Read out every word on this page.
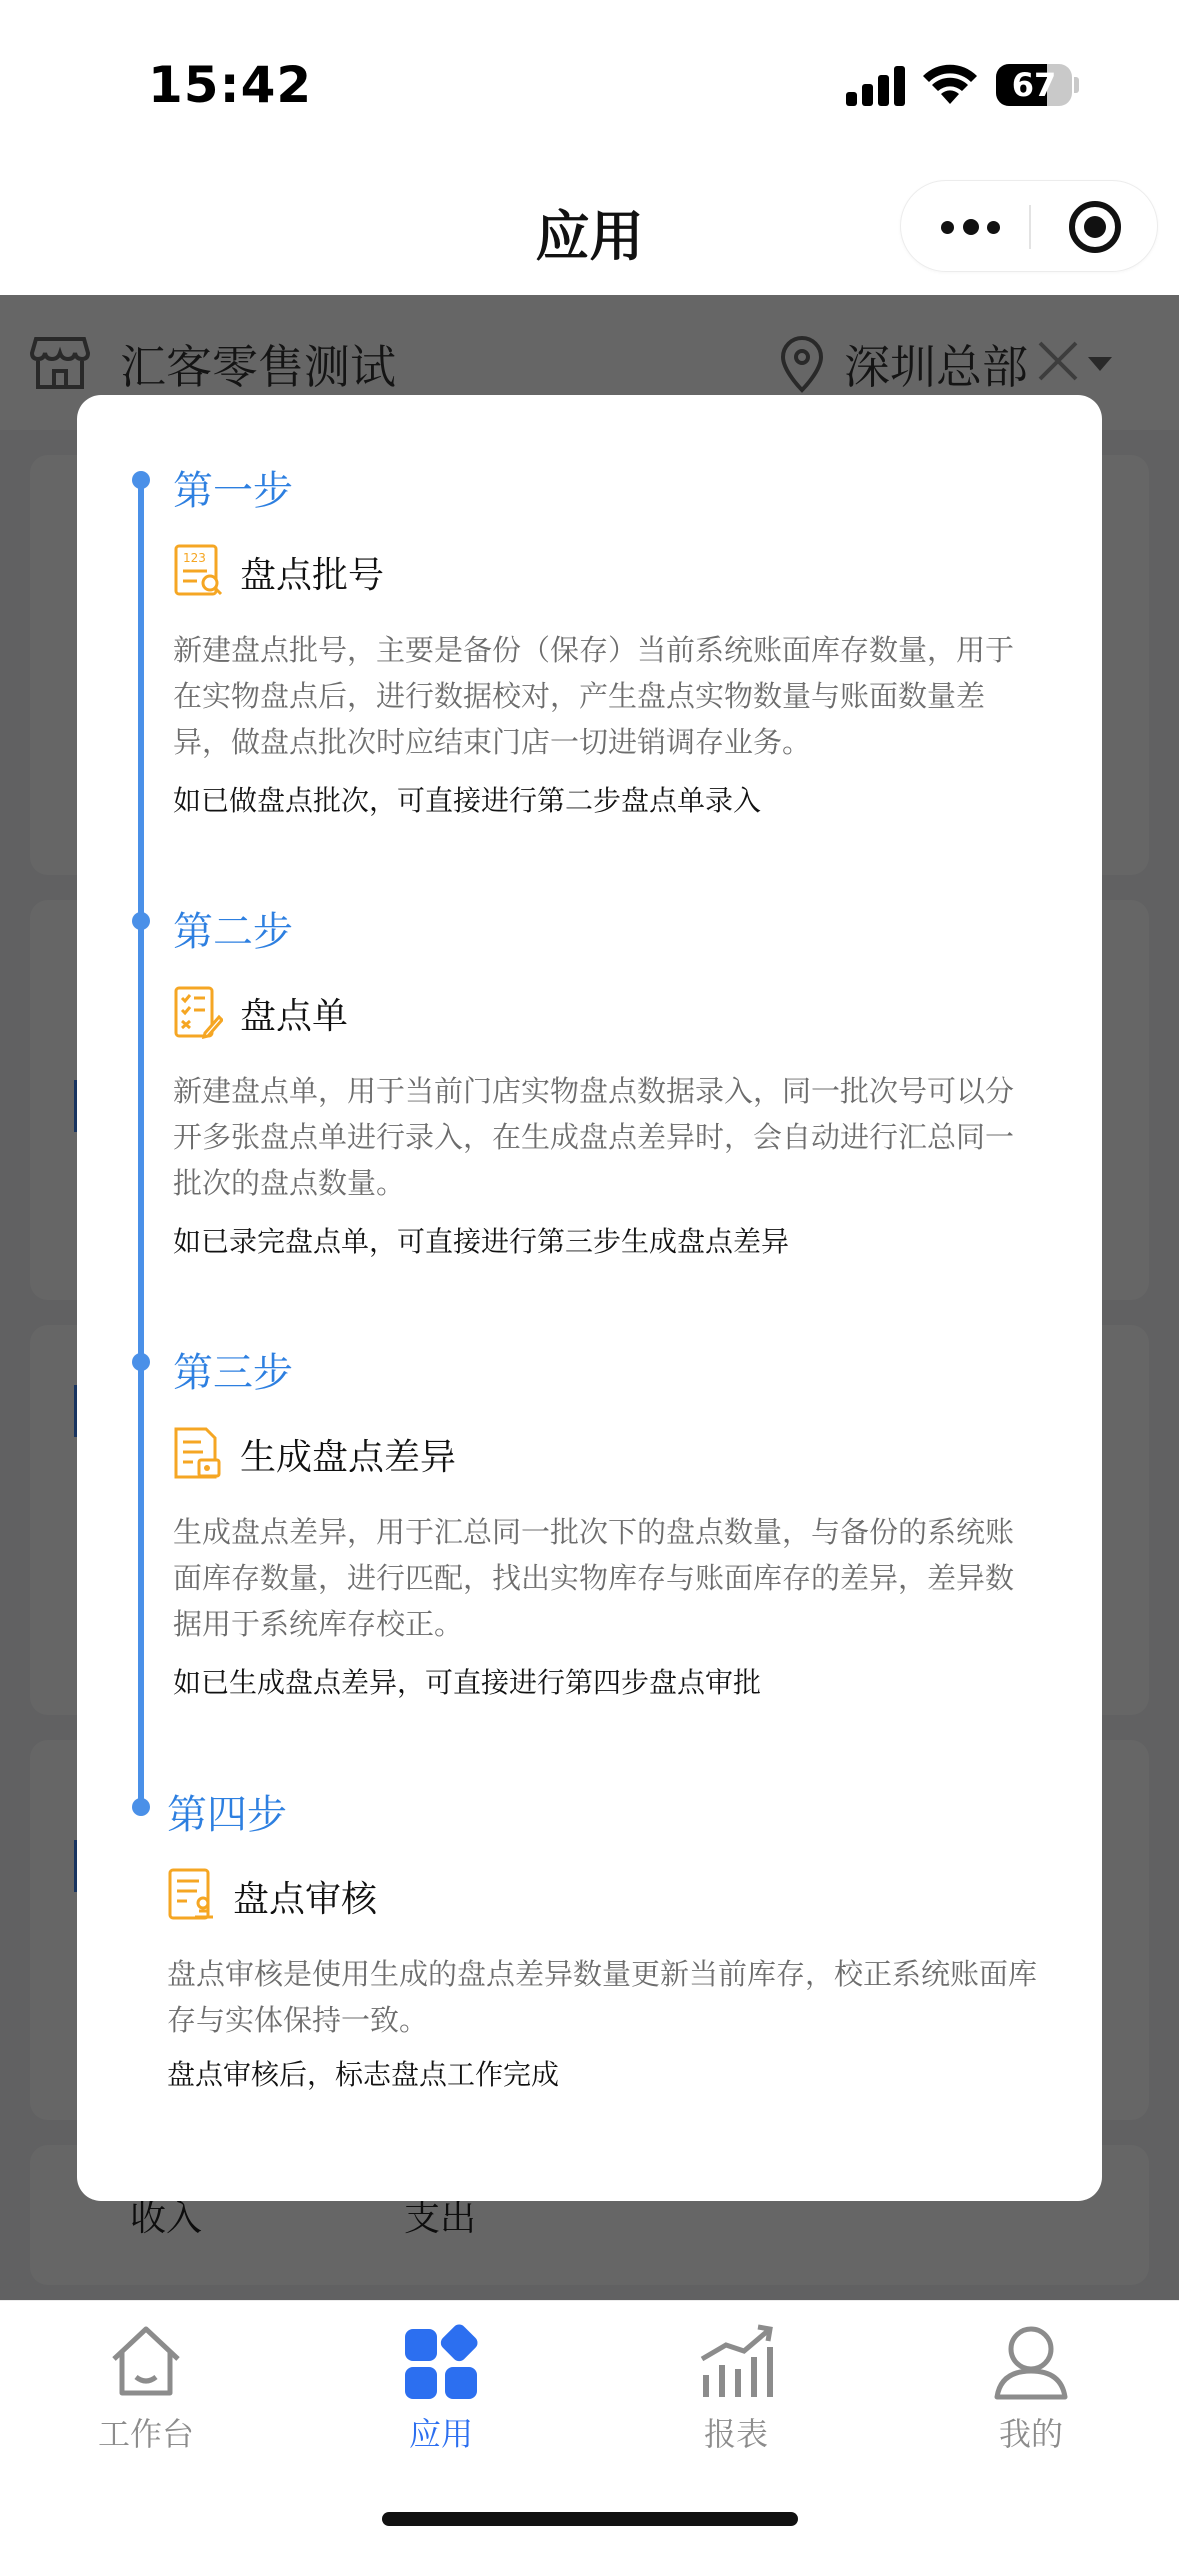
15:42	67
应用
第一步
123 盘点批号
新建盘点批号，主要是备份（保存）当前系统账面库存数量，用于在实物盘点后，进行数据校对，产生盘点实物数量与账面数量差异，做盘点批次时应结束门店一切进销调存业务。
如已做盘点批次，可直接进行第二步盘点单录入
第二步
盘点单
新建盘点单，用于当前门店实物盘点数据录入，同一批次号可以分开多张盘点单进行录入，在生成盘点差异时，会自动进行汇总同一批次的盘点数量。
如已录完盘点单，可直接进行第三步生成盘点差异
第三步
生成盘点差异
生成盘点差异，用于汇总同一批次下的盘点数量，与备份的系统账面库存数量，进行匹配，找出实物库存与账面库存的差异，差异数据用于系统库存校正。
如已生成盘点差异，可直接进行第四步盘点审批
第四步
盘点审核
盘点审核是使用生成的盘点差异数量更新当前库存，校正系统账面库存与实体保持一致。
盘点审核后，标志盘点工作完成
工作台	应用	报表	我的
